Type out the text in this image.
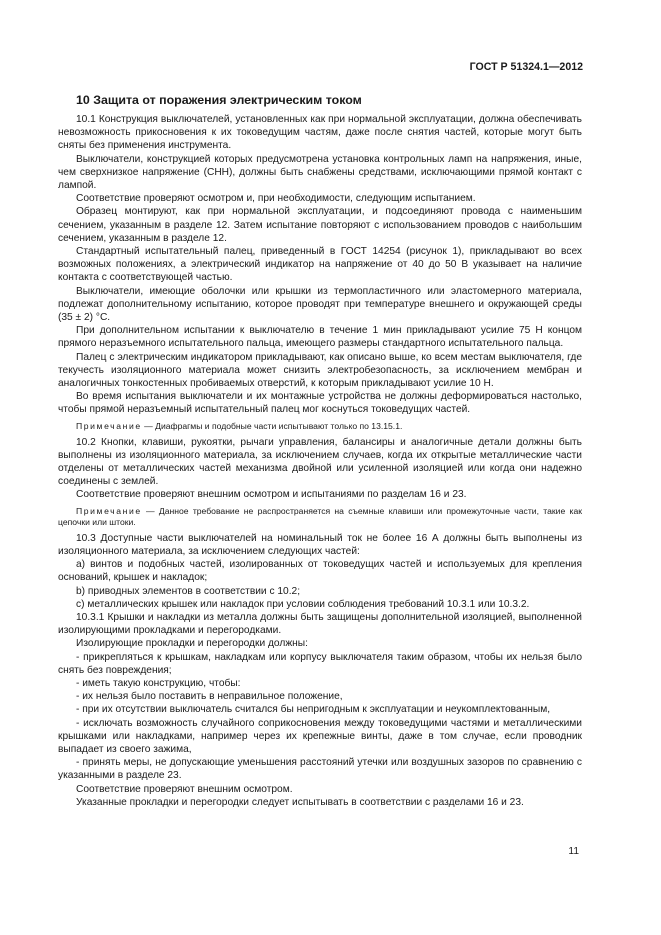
ГОСТ Р 51324.1—2012
10 Защита от поражения электрическим током

10.1 Конструкция выключателей, установленных как при нормальной эксплуатации, должна обеспечивать невозможность прикосновения к их токоведущим частям, даже после снятия частей, которые могут быть сняты без применения инструмента.

Выключатели, конструкцией которых предусмотрена установка контрольных ламп на напряжения, иные, чем сверхнизкое напряжение (СНН), должны быть снабжены средствами, исключающими прямой контакт с лампой.

Соответствие проверяют осмотром и, при необходимости, следующим испытанием.

Образец монтируют, как при нормальной эксплуатации, и подсоединяют провода с наименьшим сечением, указанным в разделе 12. Затем испытание повторяют с использованием проводов с наибольшим сечением, указанным в разделе 12.

Стандартный испытательный палец, приведенный в ГОСТ 14254 (рисунок 1), прикладывают во всех возможных положениях, а электрический индикатор на напряжение от 40 до 50 В указывает на наличие контакта с соответствующей частью.

Выключатели, имеющие оболочки или крышки из термопластичного или эластомерного материала, подлежат дополнительному испытанию, которое проводят при температуре внешнего и окружающей среды (35 ± 2) °С.

При дополнительном испытании к выключателю в течение 1 мин прикладывают усилие 75 Н концом прямого неразъемного испытательного пальца, имеющего размеры стандартного испытательного пальца.

Палец с электрическим индикатором прикладывают, как описано выше, ко всем местам выключателя, где текучесть изоляционного материала может снизить электробезопасность, за исключением мембран и аналогичных тонкостенных пробиваемых отверстий, к которым прикладывают усилие 10 Н.

Во время испытания выключатели и их монтажные устройства не должны деформироваться настолько, чтобы прямой неразъемный испытательный палец мог коснуться токоведущих частей.

Примечание — Диафрагмы и подобные части испытывают только по 13.15.1.

10.2 Кнопки, клавиши, рукоятки, рычаги управления, балансиры и аналогичные детали должны быть выполнены из изоляционного материала, за исключением случаев, когда их открытые металлические части отделены от металлических частей механизма двойной или усиленной изоляцией или когда они надежно соединены с землей.

Соответствие проверяют внешним осмотром и испытаниями по разделам 16 и 23.

Примечание — Данное требование не распространяется на съемные клавиши или промежуточные части, такие как цепочки или штоки.

10.3 Доступные части выключателей на номинальный ток не более 16 А должны быть выполнены из изоляционного материала, за исключением следующих частей:

а) винтов и подобных частей, изолированных от токоведущих частей и используемых для крепления оснований, крышек и накладок;

b) приводных элементов в соответствии с 10.2;

с) металлических крышек или накладок при условии соблюдения требований 10.3.1 или 10.3.2.

10.3.1 Крышки и накладки из металла должны быть защищены дополнительной изоляцией, выполненной изолирующими прокладками и перегородками.

Изолирующие прокладки и перегородки должны:

- прикрепляться к крышкам, накладкам или корпусу выключателя таким образом, чтобы их нельзя было снять без повреждения;

- иметь такую конструкцию, чтобы:

- их нельзя было поставить в неправильное положение,

- при их отсутствии выключатель считался бы непригодным к эксплуатации и неукомплектованным,

- исключать возможность случайного соприкосновения между токоведущими частями и металлическими крышками или накладками, например через их крепежные винты, даже в том случае, если проводник выпадает из своего зажима,

- принять меры, не допускающие уменьшения расстояний утечки или воздушных зазоров по сравнению с указанными в разделе 23.

Соответствие проверяют внешним осмотром.

Указанные прокладки и перегородки следует испытывать в соответствии с разделами 16 и 23.

11
